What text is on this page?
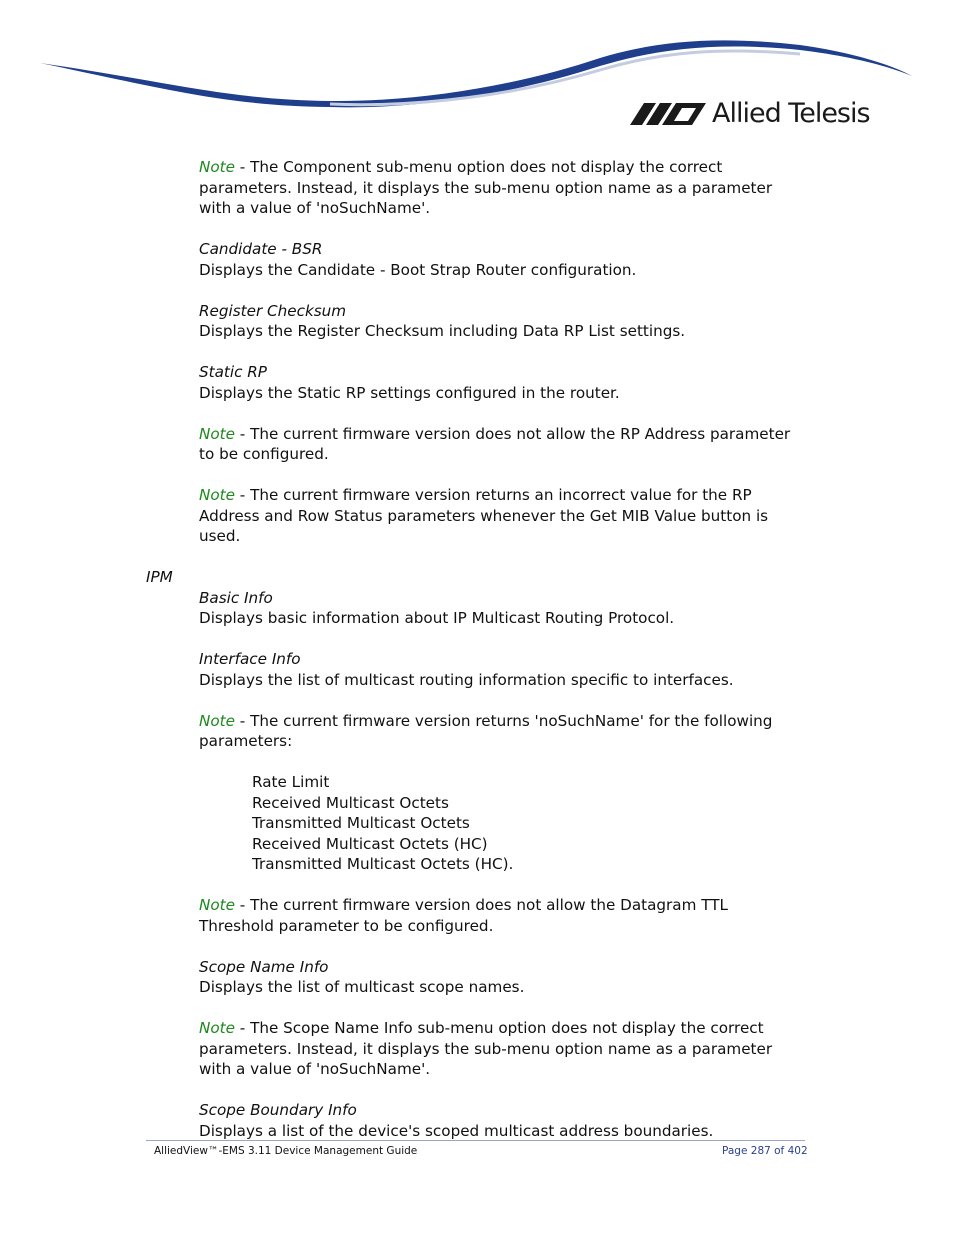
Allied Telesis

Note - The Component sub-menu option does not display the correct parameters. Instead, it displays the sub-menu option name as a parameter with a value of 'noSuchName'.

Candidate - BSR
Displays the Candidate - Boot Strap Router configuration.

Register Checksum
Displays the Register Checksum including Data RP List settings.

Static RP
Displays the Static RP settings configured in the router.

Note - The current firmware version does not allow the RP Address parameter to be configured.

Note - The current firmware version returns an incorrect value for the RP Address and Row Status parameters whenever the Get MIB Value button is used.

IPM

Basic Info
Displays basic information about IP Multicast Routing Protocol.

Interface Info
Displays the list of multicast routing information specific to interfaces.

Note - The current firmware version returns 'noSuchName' for the following parameters:

Rate Limit
Received Multicast Octets
Transmitted Multicast Octets
Received Multicast Octets (HC)
Transmitted Multicast Octets (HC).

Note - The current firmware version does not allow the Datagram TTL Threshold parameter to be configured.

Scope Name Info
Displays the list of multicast scope names.

Note - The Scope Name Info sub-menu option does not display the correct parameters. Instead, it displays the sub-menu option name as a parameter with a value of 'noSuchName'.

Scope Boundary Info
Displays a list of the device's scoped multicast address boundaries.

AlliedView™-EMS 3.11 Device Management Guide	Page 287 of 402
